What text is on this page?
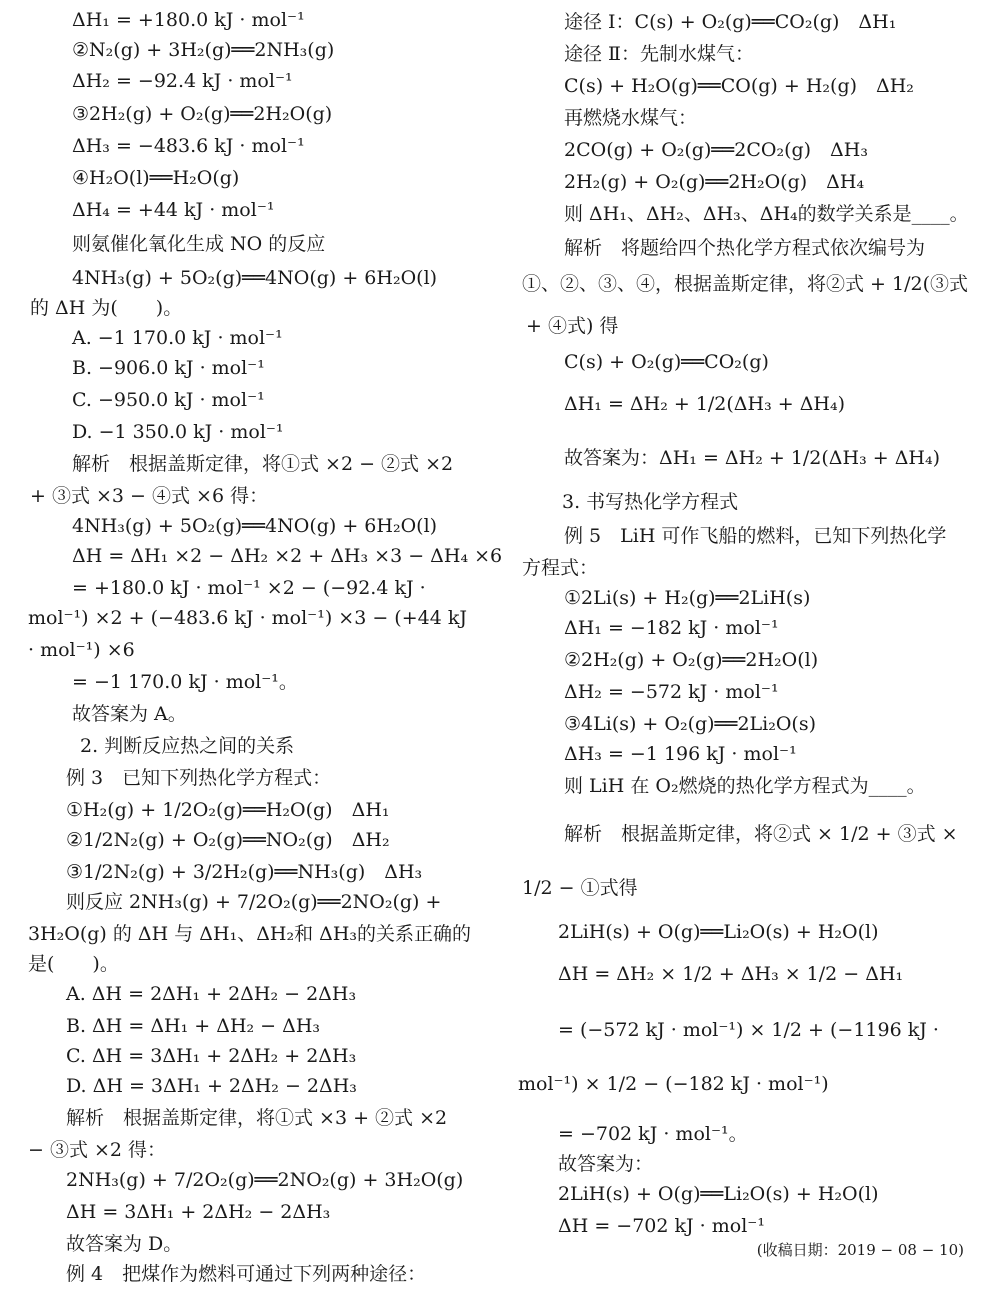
ΔH₁ = +180.0 kJ · mol⁻¹
②N₂(g) + 3H₂(g)══2NH₃(g)
ΔH₂ = −92.4 kJ · mol⁻¹
③2H₂(g) + O₂(g)══2H₂O(g)
ΔH₃ = −483.6 kJ · mol⁻¹
④H₂O(l)══H₂O(g)
ΔH₄ = +44 kJ · mol⁻¹
则氨催化氧化生成 NO 的反应
4NH₃(g) + 5O₂(g)══4NO(g) + 6H₂O(l)
的 ΔH 为(　　)。
A. −1 170.0 kJ · mol⁻¹
B. −906.0 kJ · mol⁻¹
C. −950.0 kJ · mol⁻¹
D. −1 350.0 kJ · mol⁻¹
解析　根据盖斯定律，将①式 ×2 − ②式 ×2
+ ③式 ×3 − ④式 ×6 得：
4NH₃(g) + 5O₂(g)══4NO(g) + 6H₂O(l)
ΔH = ΔH₁ ×2 − ΔH₂ ×2 + ΔH₃ ×3 − ΔH₄ ×6
= +180.0 kJ · mol⁻¹ ×2 − (−92.4 kJ ·
mol⁻¹) ×2 + (−483.6 kJ · mol⁻¹) ×3 − (+44 kJ
· mol⁻¹) ×6
= −1 170.0 kJ · mol⁻¹。
故答案为 A。
2. 判断反应热之间的关系
例 3　已知下列热化学方程式：
①H₂(g) + 1/2O₂(g)══H₂O(g)　ΔH₁
②1/2N₂(g) + O₂(g)══NO₂(g)　ΔH₂
③1/2N₂(g) + 3/2H₂(g)══NH₃(g)　ΔH₃
则反应 2NH₃(g) + 7/2O₂(g)══2NO₂(g) +
3H₂O(g) 的 ΔH 与 ΔH₁、ΔH₂和 ΔH₃的关系正确的
是(　　)。
A. ΔH = 2ΔH₁ + 2ΔH₂ − 2ΔH₃
B. ΔH = ΔH₁ + ΔH₂ − ΔH₃
C. ΔH = 3ΔH₁ + 2ΔH₂ + 2ΔH₃
D. ΔH = 3ΔH₁ + 2ΔH₂ − 2ΔH₃
解析　根据盖斯定律，将①式 ×3 + ②式 ×2
− ③式 ×2 得：
2NH₃(g) + 7/2O₂(g)══2NO₂(g) + 3H₂O(g)
ΔH = 3ΔH₁ + 2ΔH₂ − 2ΔH₃
故答案为 D。
例 4　把煤作为燃料可通过下列两种途径：
途径 Ⅰ：C(s) + O₂(g)══CO₂(g)　ΔH₁
途径 Ⅱ：先制水煤气：
C(s) + H₂O(g)══CO(g) + H₂(g)　ΔH₂
再燃烧水煤气：
2CO(g) + O₂(g)══2CO₂(g)　ΔH₃
2H₂(g) + O₂(g)══2H₂O(g)　ΔH₄
则 ΔH₁、ΔH₂、ΔH₃、ΔH₄的数学关系是____。
解析　将题给四个热化学方程式依次编号为
①、②、③、④，根据盖斯定律，将②式 + 1/2(③式
+ ④式) 得
C(s) + O₂(g)══CO₂(g)
ΔH₁ = ΔH₂ + 1/2(ΔH₃ + ΔH₄)
故答案为：ΔH₁ = ΔH₂ + 1/2(ΔH₃ + ΔH₄)
3. 书写热化学方程式
例 5　LiH 可作飞船的燃料，已知下列热化学
方程式：
①2Li(s) + H₂(g)══2LiH(s)
ΔH₁ = −182 kJ · mol⁻¹
②2H₂(g) + O₂(g)══2H₂O(l)
ΔH₂ = −572 kJ · mol⁻¹
③4Li(s) + O₂(g)══2Li₂O(s)
ΔH₃ = −1 196 kJ · mol⁻¹
则 LiH 在 O₂燃烧的热化学方程式为____。
解析　根据盖斯定律，将②式 × 1/2 + ③式 ×
1/2 − ①式得
2LiH(s) + O(g)══Li₂O(s) + H₂O(l)
ΔH = ΔH₂ × 1/2 + ΔH₃ × 1/2 − ΔH₁
= (−572 kJ · mol⁻¹) × 1/2 + (−1196 kJ ·
mol⁻¹) × 1/2 − (−182 kJ · mol⁻¹)
= −702 kJ · mol⁻¹。
故答案为：
2LiH(s) + O(g)══Li₂O(s) + H₂O(l)
ΔH = −702 kJ · mol⁻¹
(收稿日期：2019 − 08 − 10)
